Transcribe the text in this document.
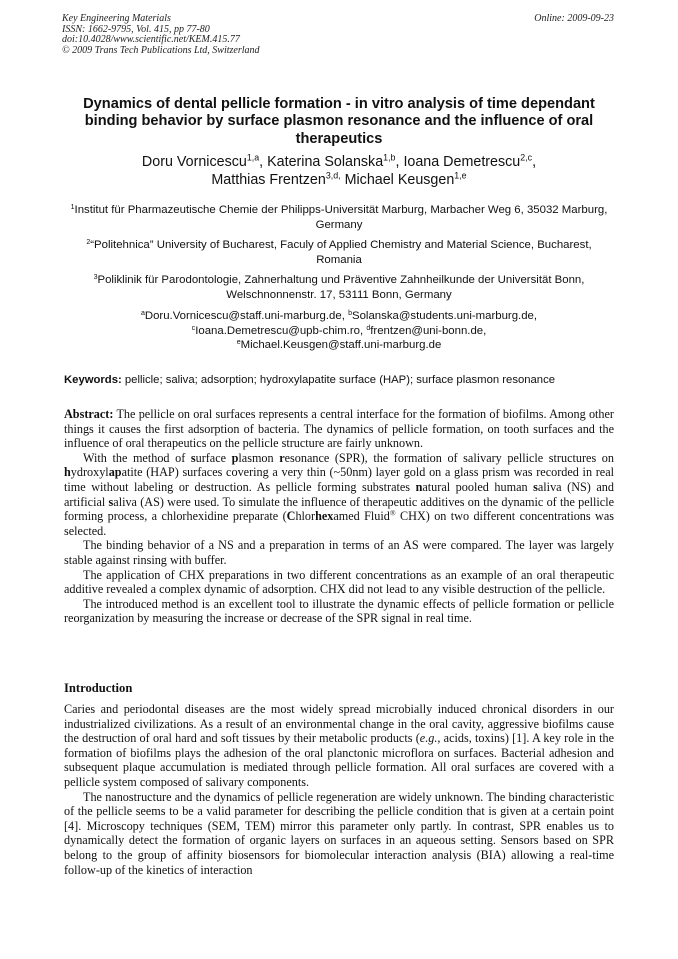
Key Engineering Materials
ISSN: 1662-9795, Vol. 415, pp 77-80
doi:10.4028/www.scientific.net/KEM.415.77
© 2009 Trans Tech Publications Ltd, Switzerland
Online: 2009-09-23
Dynamics of dental pellicle formation - in vitro analysis of time dependant binding behavior by surface plasmon resonance and the influence of oral therapeutics
Doru Vornicescu$^{1,a}$, Katerina Solanska$^{1,b}$, Ioana Demetrescu$^{2,c}$,
Matthias Frentzen$^{3,d,}$ Michael Keusgen$^{1,e}$
$^1$Institut für Pharmazeutische Chemie der Philipps-Universität Marburg, Marbacher Weg 6, 35032 Marburg, Germany
$^2$“Politehnica” University of Bucharest, Faculy of Applied Chemistry and Material Science, Bucharest, Romania
$^3$Poliklinik für Parodontologie, Zahnerhaltung und Präventive Zahnheilkunde der Universität Bonn, Welschnonnenstr. 17, 53111 Bonn, Germany
$^a$Doru.Vornicescu@staff.uni-marburg.de, $^b$Solanska@students.uni-marburg.de,
$^c$Ioana.Demetrescu@upb-chim.ro, $^d$frentzen@uni-bonn.de,
$^e$Michael.Keusgen@staff.uni-marburg.de
Keywords: pellicle; saliva; adsorption; hydroxylapatite surface (HAP); surface plasmon resonance

Abstract: The pellicle on oral surfaces represents a central interface for the formation of biofilms. Among other things it causes the first adsorption of bacteria. The dynamics of pellicle formation, on tooth surfaces and the influence of oral therapeutics on the pellicle structure are fairly unknown.

With the method of surface plasmon resonance (SPR), the formation of salivary pellicle structures on hydroxylapatite (HAP) surfaces covering a very thin (~50nm) layer gold on a glass prism was recorded in real time without labeling or destruction. As pellicle forming substrates natural pooled human saliva (NS) and artificial saliva (AS) were used. To simulate the influence of therapeutic additives on the dynamic of the pellicle forming process, a chlorhexidine preparate (Chlorhexamed Fluid® CHX) on two different concentrations was selected.

The binding behavior of a NS and a preparation in terms of an AS were compared. The layer was largely stable against rinsing with buffer.

The application of CHX preparations in two different concentrations as an example of an oral therapeutic additive revealed a complex dynamic of adsorption. CHX did not lead to any visible destruction of the pellicle.

The introduced method is an excellent tool to illustrate the dynamic effects of pellicle formation or pellicle reorganization by measuring the increase or decrease of the SPR signal in real time.

Introduction

Caries and periodontal diseases are the most widely spread microbially induced chronical disorders in our industrialized civilizations. As a result of an environmental change in the oral cavity, aggressive biofilms cause the destruction of oral hard and soft tissues by their metabolic products (e.g., acids, toxins) [1]. A key role in the formation of biofilms plays the adhesion of the oral planctonic microflora on surfaces. Bacterial adhesion and subsequent plaque accumulation is mediated through pellicle formation. All oral surfaces are covered with a pellicle system composed of salivary components.

The nanostructure and the dynamics of pellicle regeneration are widely unknown. The binding characteristic of the pellicle seems to be a valid parameter for describing the pellicle condition that is given at a certain point [4]. Microscopy techniques (SEM, TEM) mirror this parameter only partly. In contrast, SPR enables us to dynamically detect the formation of organic layers on surfaces in an aqueous setting. Sensors based on SPR belong to the group of affinity biosensors for biomolecular interaction analysis (BIA) allowing a real-time follow-up of the kinetics of interaction
